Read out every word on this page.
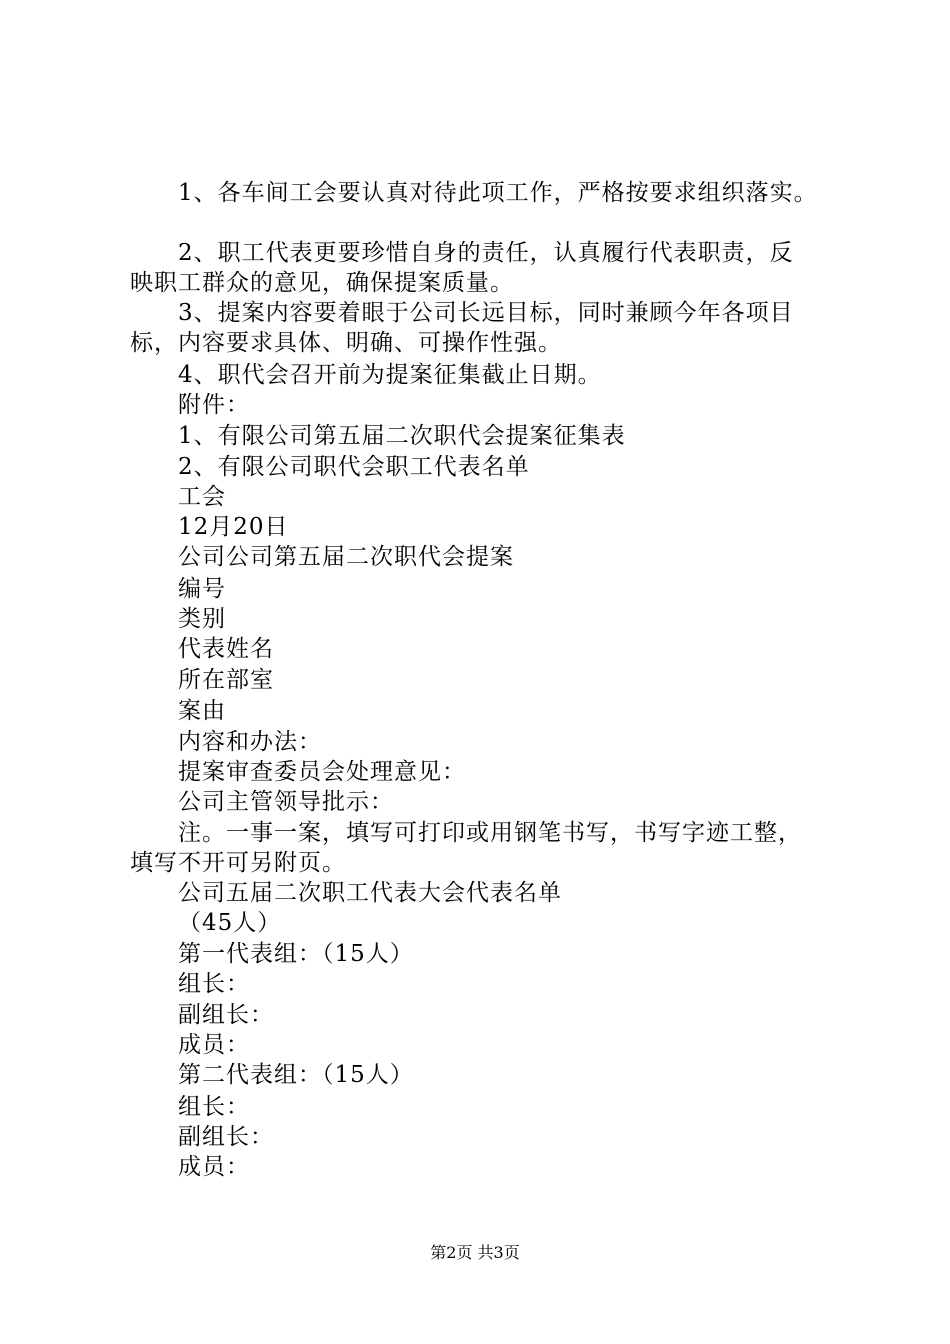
1、各车间工会要认真对待此项工作，严格按要求组织落实。
2、职工代表更要珍惜自身的责任，认真履行代表职责，反
映职工群众的意见，确保提案质量。
3、提案内容要着眼于公司长远目标，同时兼顾今年各项目
标，内容要求具体、明确、可操作性强。
4、职代会召开前为提案征集截止日期。
附件：
1、有限公司第五届二次职代会提案征集表
2、有限公司职代会职工代表名单
工会
12月20日
公司公司第五届二次职代会提案
编号
类别
代表姓名
所在部室
案由
内容和办法：
提案审查委员会处理意见：
公司主管领导批示：
注。一事一案，填写可打印或用钢笔书写，书写字迹工整，
填写不开可另附页。
公司五届二次职工代表大会代表名单
（45人）
第一代表组：（15人）
组长：
副组长：
成员：
第二代表组：（15人）
组长：
副组长：
成员：
第2页 共3页
